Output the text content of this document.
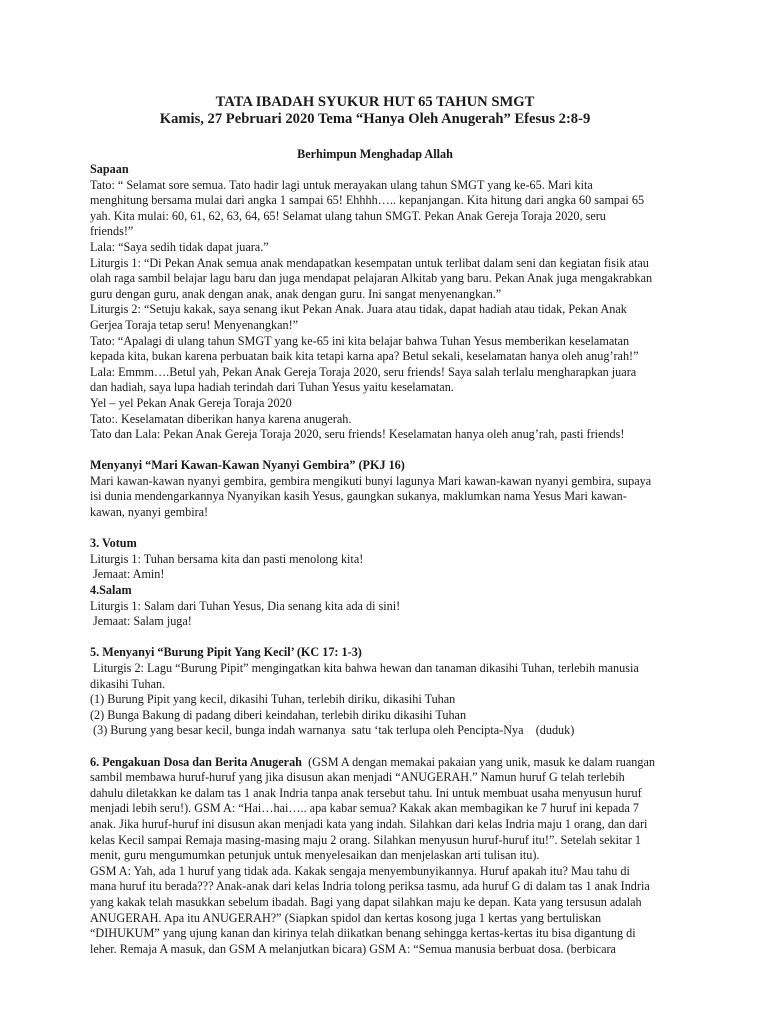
TATA IBADAH SYUKUR HUT 65 TAHUN SMGT
Kamis, 27 Pebruari 2020 Tema “Hanya Oleh Anugerah” Efesus 2:8-9
Berhimpun Menghadap Allah

Sapaan

Tato: “ Selamat sore semua. Tato hadir lagi untuk merayakan ulang tahun SMGT yang ke-65. Mari kita

menghitung bersama mulai dari angka 1 sampai 65! Ehhhh….. kepanjangan. Kita hitung dari angka 60 sampai 65

yah. Kita mulai: 60, 61, 62, 63, 64, 65! Selamat ulang tahun SMGT. Pekan Anak Gereja Toraja 2020, seru

friends!”

Lala: “Saya sedih tidak dapat juara.”

Liturgis 1: “Di Pekan Anak semua anak mendapatkan kesempatan untuk terlibat dalam seni dan kegiatan fisik atau

olah raga sambil belajar lagu baru dan juga mendapat pelajaran Alkitab yang baru. Pekan Anak juga mengakrabkan

guru dengan guru, anak dengan anak, anak dengan guru. Ini sangat menyenangkan.”

Liturgis 2: “Setuju kakak, saya senang ikut Pekan Anak. Juara atau tidak, dapat hadiah atau tidak, Pekan Anak

Gerjea Toraja tetap seru! Menyenangkan!”

Tato: “Apalagi di ulang tahun SMGT yang ke-65 ini kita belajar bahwa Tuhan Yesus memberikan keselamatan

kepada kita, bukan karena perbuatan baik kita tetapi karna apa? Betul sekali, keselamatan hanya oleh anug’rah!”

Lala: Emmm….Betul yah, Pekan Anak Gereja Toraja 2020, seru friends! Saya salah terlalu mengharapkan juara

dan hadiah, saya lupa hadiah terindah dari Tuhan Yesus yaitu keselamatan.

Yel – yel Pekan Anak Gereja Toraja 2020

Tato:. Keselamatan diberikan hanya karena anugerah.

Tato dan Lala: Pekan Anak Gereja Toraja 2020, seru friends! Keselamatan hanya oleh anug’rah, pasti friends!

Menyanyi “Mari Kawan-Kawan Nyanyi Gembira” (PKJ 16)

Mari kawan-kawan nyanyi gembira, gembira mengikuti bunyi lagunya Mari kawan-kawan nyanyi gembira, supaya

isi dunia mendengarkannya Nyanyikan kasih Yesus, gaungkan sukanya, maklumkan nama Yesus Mari kawan-

kawan, nyanyi gembira!

3. Votum

Liturgis 1: Tuhan bersama kita dan pasti menolong kita!

Jemaat: Amin!

4.Salam

Liturgis 1: Salam dari Tuhan Yesus, Dia senang kita ada di sini!

Jemaat: Salam juga!

5. Menyanyi “Burung Pipit Yang Kecil’ (KC 17: 1-3)

Liturgis 2: Lagu “Burung Pipit” mengingatkan kita bahwa hewan dan tanaman dikasihi Tuhan, terlebih manusia

dikasihi Tuhan.

(1) Burung Pipit yang kecil, dikasihi Tuhan, terlebih diriku, dikasihi Tuhan

(2) Bunga Bakung di padang diberi keindahan, terlebih diriku dikasihi Tuhan

(3) Burung yang besar kecil, bunga indah warnanya  satu ‘tak terlupa oleh Pencipta-Nya    (duduk)

6. Pengakuan Dosa dan Berita Anugerah  (GSM A dengan memakai pakaian yang unik, masuk ke dalam ruangan

sambil membawa huruf-huruf yang jika disusun akan menjadi “ANUGERAH.” Namun huruf G telah terlebih

dahulu diletakkan ke dalam tas 1 anak Indria tanpa anak tersebut tahu. Ini untuk membuat usaha menyusun huruf

menjadi lebih seru!). GSM A: “Hai…hai….. apa kabar semua? Kakak akan membagikan ke 7 huruf ini kepada 7

anak. Jika huruf-huruf ini disusun akan menjadi kata yang indah. Silahkan dari kelas Indria maju 1 orang, dan dari

kelas Kecil sampai Remaja masing-masing maju 2 orang. Silahkan menyusun huruf-huruf itu!”. Setelah sekitar 1

menit, guru mengumumkan petunjuk untuk menyelesaikan dan menjelaskan arti tulisan itu).

GSM A: Yah, ada 1 huruf yang tidak ada. Kakak sengaja menyembunyikannya. Huruf apakah itu? Mau tahu di

mana huruf itu berada??? Anak-anak dari kelas Indria tolong periksa tasmu, ada huruf G di dalam tas 1 anak Indria

yang kakak telah masukkan sebelum ibadah. Bagi yang dapat silahkan maju ke depan. Kata yang tersusun adalah

ANUGERAH. Apa itu ANUGERAH?” (Siapkan spidol dan kertas kosong juga 1 kertas yang bertuliskan

“DIHUKUM” yang ujung kanan dan kirinya telah diikatkan benang sehingga kertas-kertas itu bisa digantung di

leher. Remaja A masuk, dan GSM A melanjutkan bicara) GSM A: “Semua manusia berbuat dosa. (berbicara
